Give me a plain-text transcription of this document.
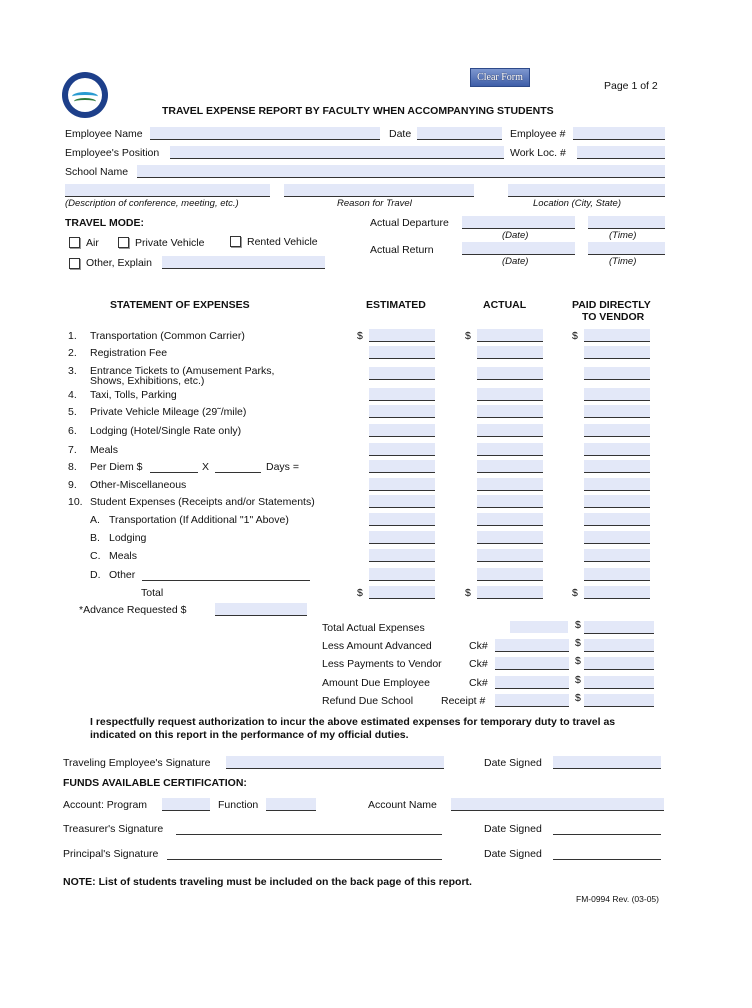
Clear Form
Page 1 of 2
TRAVEL EXPENSE REPORT BY FACULTY WHEN ACCOMPANYING STUDENTS
Employee Name	Date	Employee #
Employee's Position	Work Loc. #
School Name
(Description of conference, meeting, etc.)	Reason for Travel	Location (City, State)
TRAVEL MODE:
Air	Private Vehicle	Rented Vehicle
Other, Explain
Actual Departure
(Date)	(Time)
Actual Return
(Date)	(Time)
STATEMENT OF EXPENSES	ESTIMATED	ACTUAL	PAID DIRECTLY
TO VENDOR
1. Transportation (Common Carrier)	$	$	$
2. Registration Fee
3. Entrance Tickets to (Amusement Parks,
Shows, Exhibitions, etc.)
4. Taxi, Tolls, Parking
5. Private Vehicle Mileage (29˜/mile)
6. Lodging (Hotel/Single Rate only)
7. Meals
8. Per Diem $	X	Days =
9. Other-Miscellaneous
10. Student Expenses (Receipts and/or Statements)
A. Transportation (If Additional "1" Above)
B. Lodging
C. Meals
D. Other
Total	$	$	$
*Advance Requested $
Total Actual Expenses	$
Less Amount Advanced	Ck#	$
Less Payments to Vendor	Ck#	$
Amount Due Employee	Ck#	$
Refund Due School	Receipt #	$
I respectfully request authorization to incur the above estimated expenses for temporary duty to travel as
indicated on this report in the performance of my official duties.
Traveling Employee's Signature	Date Signed
FUNDS AVAILABLE CERTIFICATION:
Account: Program	Function	Account Name
Treasurer's Signature	Date Signed
Principal's Signature	Date Signed
NOTE: List of students traveling must be included on the back page of this report.
FM-0994 Rev. (03-05)
